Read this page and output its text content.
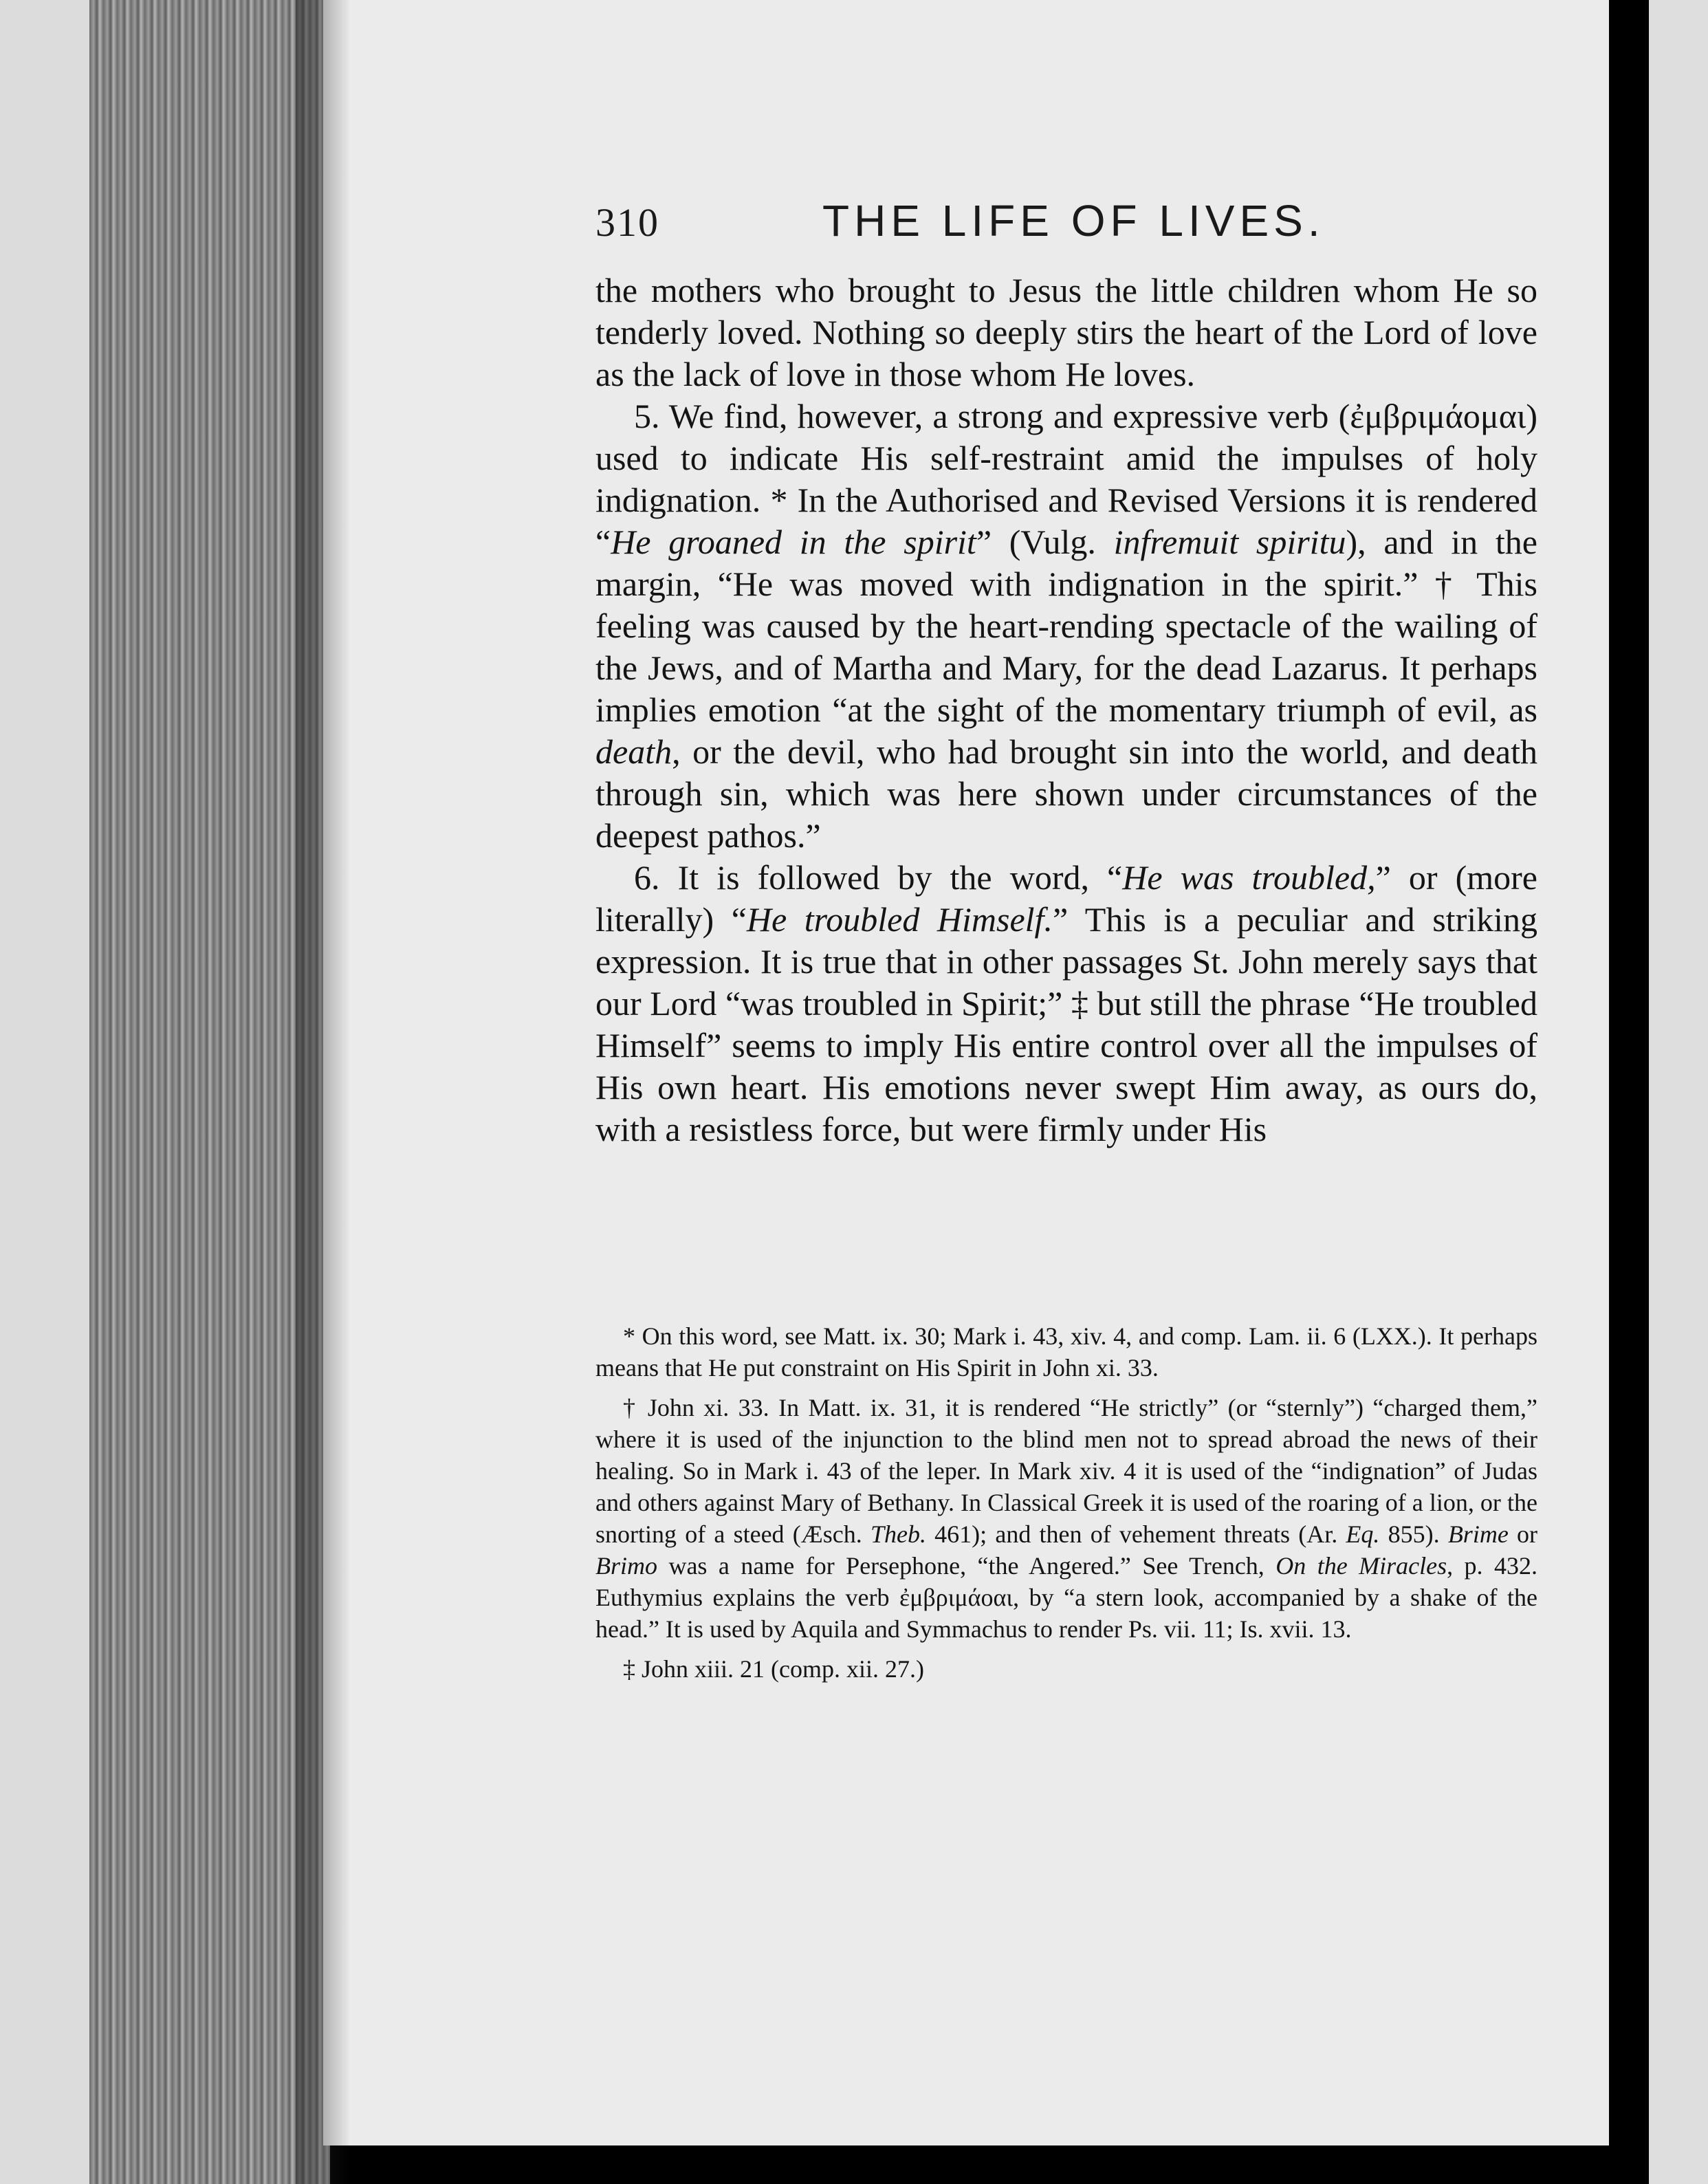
310	THE LIFE OF LIVES.

the mothers who brought to Jesus the little children whom He so tenderly loved. Nothing so deeply stirs the heart of the Lord of love as the lack of love in those whom He loves.

5. We find, however, a strong and expressive verb (ἐμβριμάομαι) used to indicate His self-restraint amid the impulses of holy indignation. * In the Authorised and Revised Versions it is rendered “He groaned in the spirit” (Vulg. infremuit spiritu), and in the margin, “He was moved with indignation in the spirit.” † This feeling was caused by the heart-rending spectacle of the wailing of the Jews, and of Martha and Mary, for the dead Lazarus. It perhaps implies emotion “at the sight of the momentary triumph of evil, as death, or the devil, who had brought sin into the world, and death through sin, which was here shown under circumstances of the deepest pathos.”

6. It is followed by the word, “He was troubled,” or (more literally) “He troubled Himself.” This is a peculiar and striking expression. It is true that in other passages St. John merely says that our Lord “was troubled in Spirit;” ‡ but still the phrase “He troubled Himself” seems to imply His entire control over all the impulses of His own heart. His emotions never swept Him away, as ours do, with a resistless force, but were firmly under His

* On this word, see Matt. ix. 30; Mark i. 43, xiv. 4, and comp. Lam. ii. 6 (LXX.). It perhaps means that He put constraint on His Spirit in John xi. 33.

† John xi. 33. In Matt. ix. 31, it is rendered “He strictly” (or “sternly”) “charged them,” where it is used of the injunction to the blind men not to spread abroad the news of their healing. So in Mark i. 43 of the leper. In Mark xiv. 4 it is used of the “indignation” of Judas and others against Mary of Bethany. In Classical Greek it is used of the roaring of a lion, or the snorting of a steed (Æsch. Theb. 461); and then of vehement threats (Ar. Eq. 855). Brime or Brimo was a name for Persephone, “the Angered.” See Trench, On the Miracles, p. 432. Euthymius explains the verb ἐμβριμάοαι, by “a stern look, accompanied by a shake of the head.” It is used by Aquila and Symmachus to render Ps. vii. 11; Is. xvii. 13.

‡ John xiii. 21 (comp. xii. 27.)
